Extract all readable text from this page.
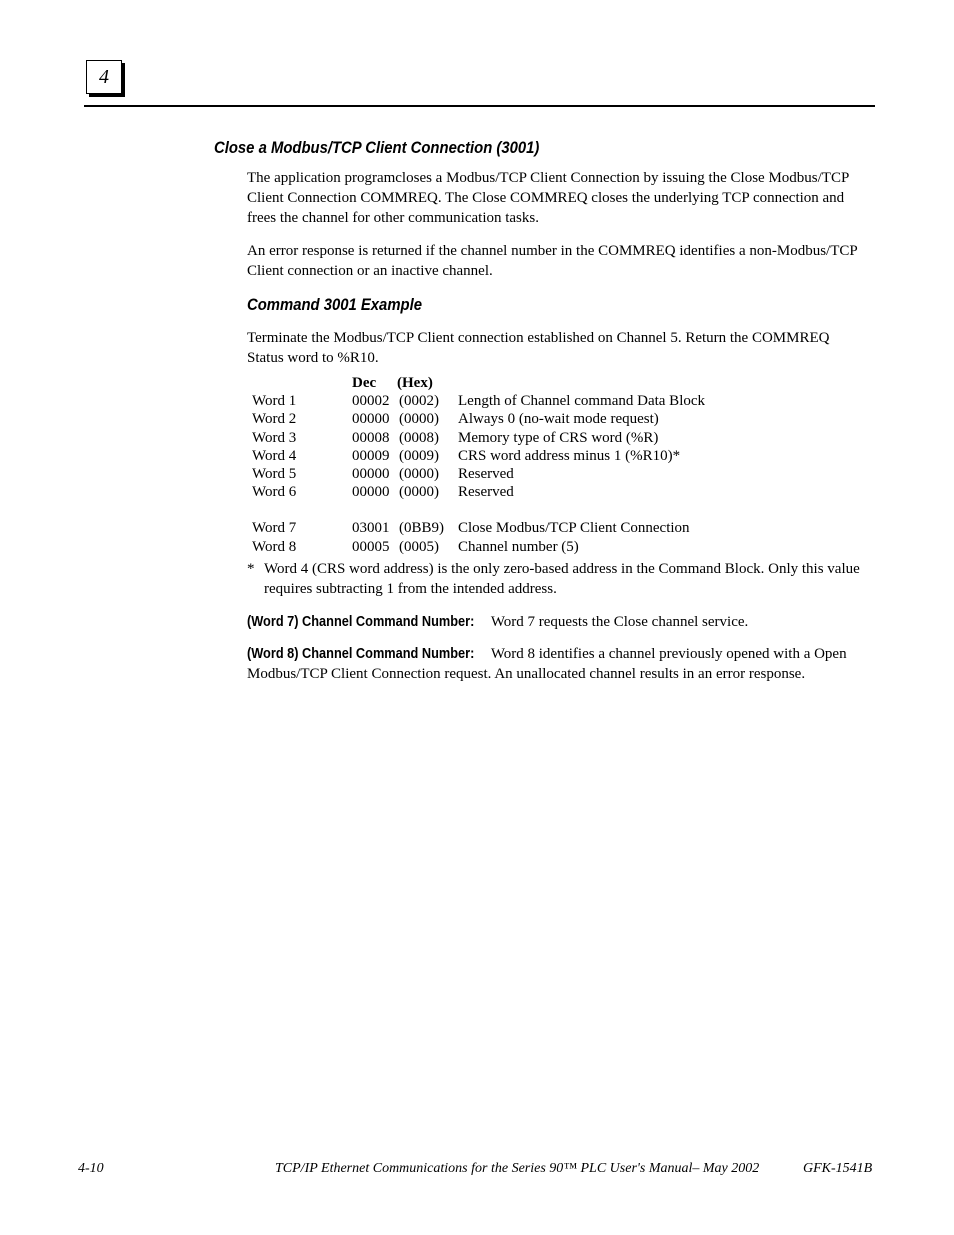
4
Close a Modbus/TCP Client Connection (3001)
The application programcloses a Modbus/TCP Client Connection by issuing the Close Modbus/TCP Client Connection COMMREQ. The Close COMMREQ closes the underlying TCP connection and frees the channel for other communication tasks.
An error response is returned if the channel number in the COMMREQ identifies a non-Modbus/TCP Client connection or an inactive channel.
Command 3001 Example
Terminate the Modbus/TCP Client connection established on Channel 5. Return the COMMREQ Status word to %R10.
Dec (Hex)
Word 1	00002 (0002) Length of Channel command Data Block
Word 2	00000 (0000) Always 0 (no-wait mode request)
Word 3	00008 (0008) Memory type of CRS word (%R)
Word 4	00009 (0009) CRS word address minus 1 (%R10)*
Word 5	00000 (0000) Reserved
Word 6	00000 (0000) Reserved
Word 7	03001 (0BB9) Close Modbus/TCP Client Connection
Word 8	00005 (0005) Channel number (5)
* Word 4 (CRS word address) is the only zero-based address in the Command Block. Only this value requires subtracting 1 from the intended address.
(Word 7) Channel Command Number: Word 7 requests the Close channel service.
(Word 8) Channel Command Number: Word 8 identifies a channel previously opened with a Open Modbus/TCP Client Connection request. An unallocated channel results in an error response.
4-10	TCP/IP Ethernet Communications for the Series 90™ PLC User's Manual– May 2002	GFK-1541B
